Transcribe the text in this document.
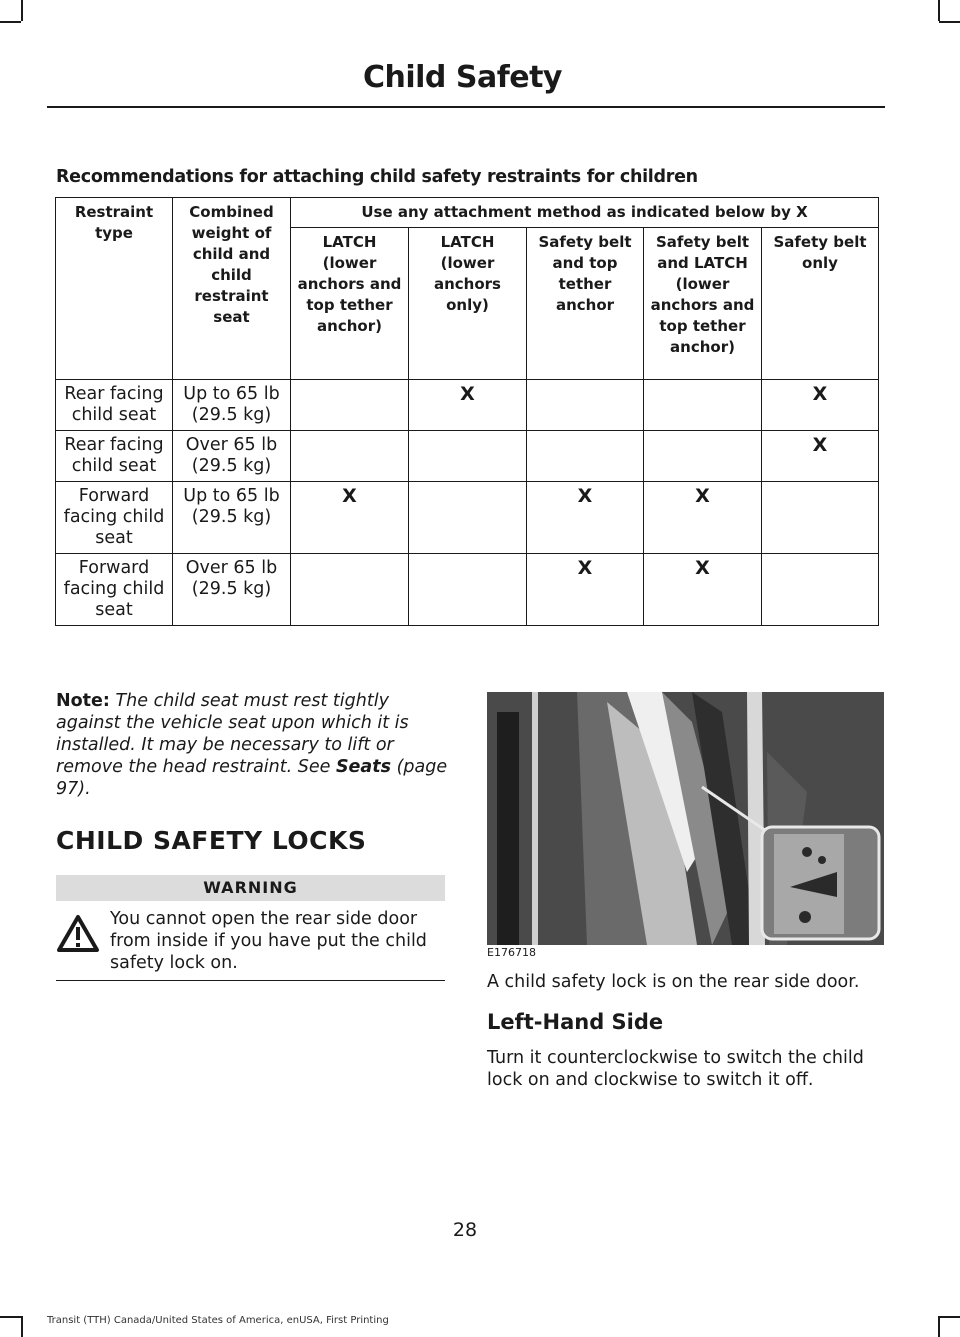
Child Safety
Recommendations for attaching child safety restraints for children
Restraint type	Combined weight of child and child restraint seat	Use any attachment method as indicated below by X				
		LATCH (lower anchors and top tether anchor)	LATCH (lower anchors only)	Safety belt and top tether anchor	Safety belt and LATCH (lower anchors and top tether anchor)	Safety belt only
Rear facing child seat	Up to 65 lb (29.5 kg)		X			X
Rear facing child seat	Over 65 lb (29.5 kg)					X
Forward facing child seat	Up to 65 lb (29.5 kg)	X		X	X	
Forward facing child seat	Over 65 lb (29.5 kg)			X	X	
Note: The child seat must rest tightly against the vehicle seat upon which it is installed. It may be necessary to lift or remove the head restraint. See Seats (page 97).
CHILD SAFETY LOCKS
WARNING
You cannot open the rear side door from inside if you have put the child safety lock on.
E176718
A child safety lock is on the rear side door.
Left-Hand Side
Turn it counterclockwise to switch the child lock on and clockwise to switch it off.
28
Transit (TTH) Canada/United States of America, enUSA, First Printing
